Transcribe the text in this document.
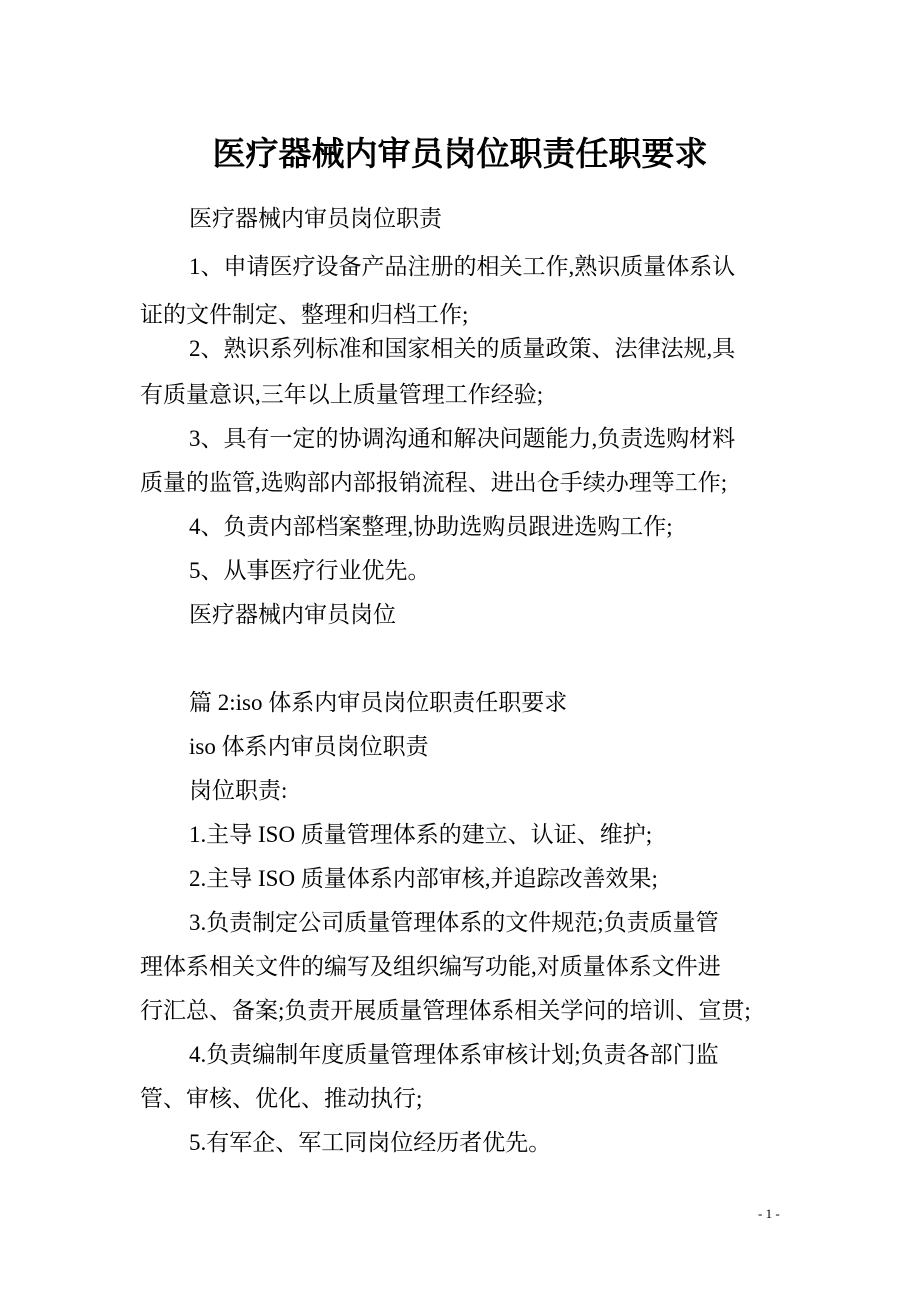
医疗器械内审员岗位职责任职要求
医疗器械内审员岗位职责
1、申请医疗设备产品注册的相关工作,熟识质量体系认
证的文件制定、整理和归档工作;
2、熟识系列标准和国家相关的质量政策、法律法规,具
有质量意识,三年以上质量管理工作经验;
3、具有一定的协调沟通和解决问题能力,负责选购材料
质量的监管,选购部内部报销流程、进出仓手续办理等工作;
4、负责内部档案整理,协助选购员跟进选购工作;
5、从事医疗行业优先。
医疗器械内审员岗位
篇 2:iso 体系内审员岗位职责任职要求
iso 体系内审员岗位职责
岗位职责:
1.主导 ISO 质量管理体系的建立、认证、维护;
2.主导 ISO 质量体系内部审核,并追踪改善效果;
3.负责制定公司质量管理体系的文件规范;负责质量管
理体系相关文件的编写及组织编写功能,对质量体系文件进
行汇总、备案;负责开展质量管理体系相关学问的培训、宣贯;
4.负责编制年度质量管理体系审核计划;负责各部门监
管、审核、优化、推动执行;
5.有军企、军工同岗位经历者优先。
- 1 -
